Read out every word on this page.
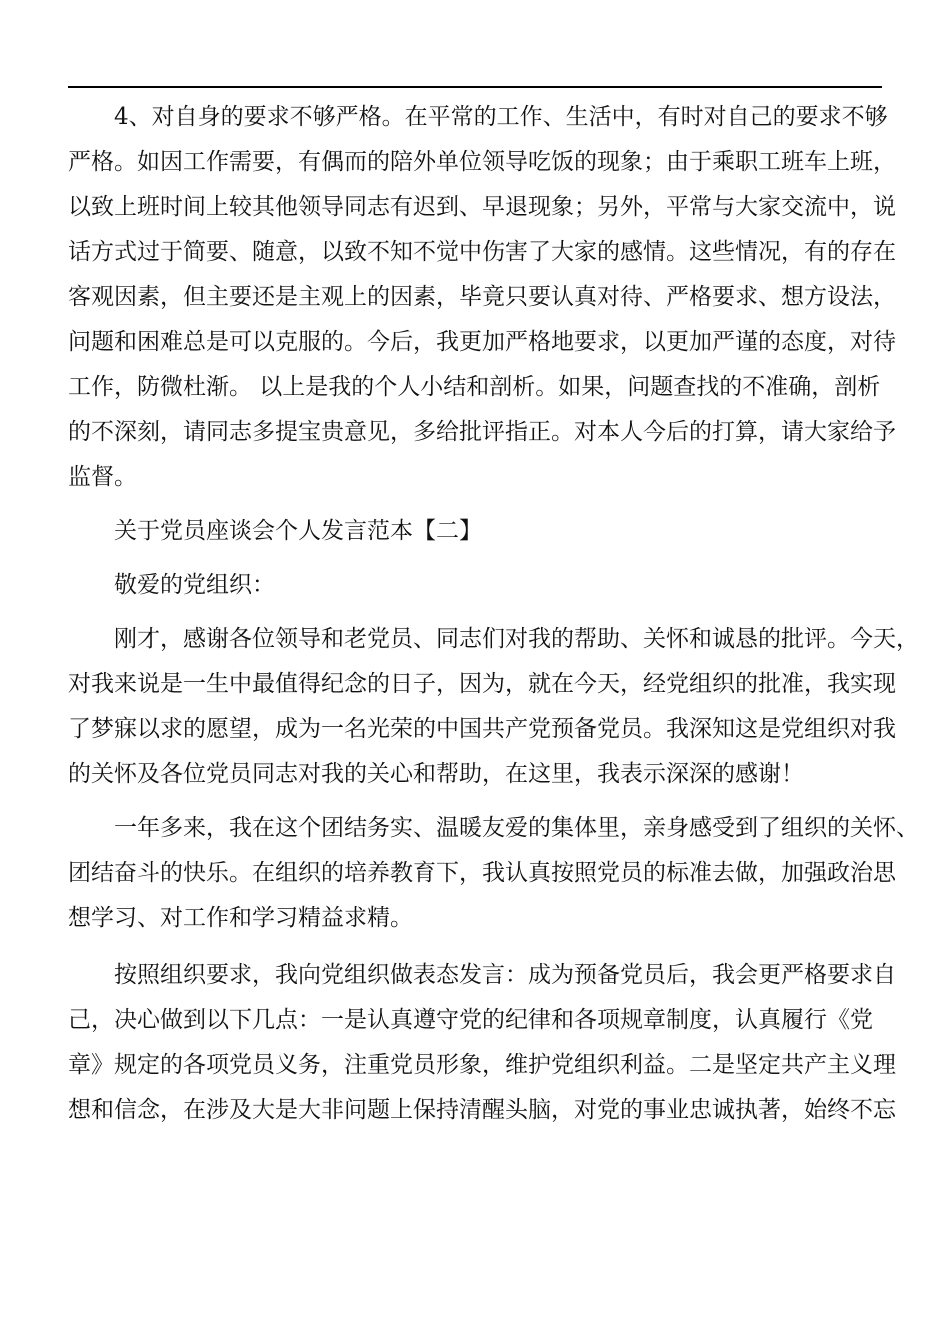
4、对自身的要求不够严格。在平常的工作、生活中，有时对自己的要求不够
严格。如因工作需要，有偶而的陪外单位领导吃饭的现象；由于乘职工班车上班，
以致上班时间上较其他领导同志有迟到、早退现象；另外，平常与大家交流中，说
话方式过于简要、随意，以致不知不觉中伤害了大家的感情。这些情况，有的存在
客观因素，但主要还是主观上的因素，毕竟只要认真对待、严格要求、想方设法，
问题和困难总是可以克服的。今后，我更加严格地要求，以更加严谨的态度，对待
工作，防微杜渐。 以上是我的个人小结和剖析。如果，问题查找的不准确，剖析
的不深刻，请同志多提宝贵意见，多给批评指正。对本人今后的打算，请大家给予
监督。
关于党员座谈会个人发言范本【二】
敬爱的党组织：
刚才，感谢各位领导和老党员、同志们对我的帮助、关怀和诚恳的批评。今天，
对我来说是一生中最值得纪念的日子，因为，就在今天，经党组织的批准，我实现
了梦寐以求的愿望，成为一名光荣的中国共产党预备党员。我深知这是党组织对我
的关怀及各位党员同志对我的关心和帮助，在这里，我表示深深的感谢！
一年多来，我在这个团结务实、温暖友爱的集体里，亲身感受到了组织的关怀、
团结奋斗的快乐。在组织的培养教育下，我认真按照党员的标准去做，加强政治思
想学习、对工作和学习精益求精。
按照组织要求，我向党组织做表态发言：成为预备党员后，我会更严格要求自
己，决心做到以下几点：一是认真遵守党的纪律和各项规章制度，认真履行《党
章》规定的各项党员义务，注重党员形象，维护党组织利益。二是坚定共产主义理
想和信念，在涉及大是大非问题上保持清醒头脑，对党的事业忠诚执著，始终不忘
